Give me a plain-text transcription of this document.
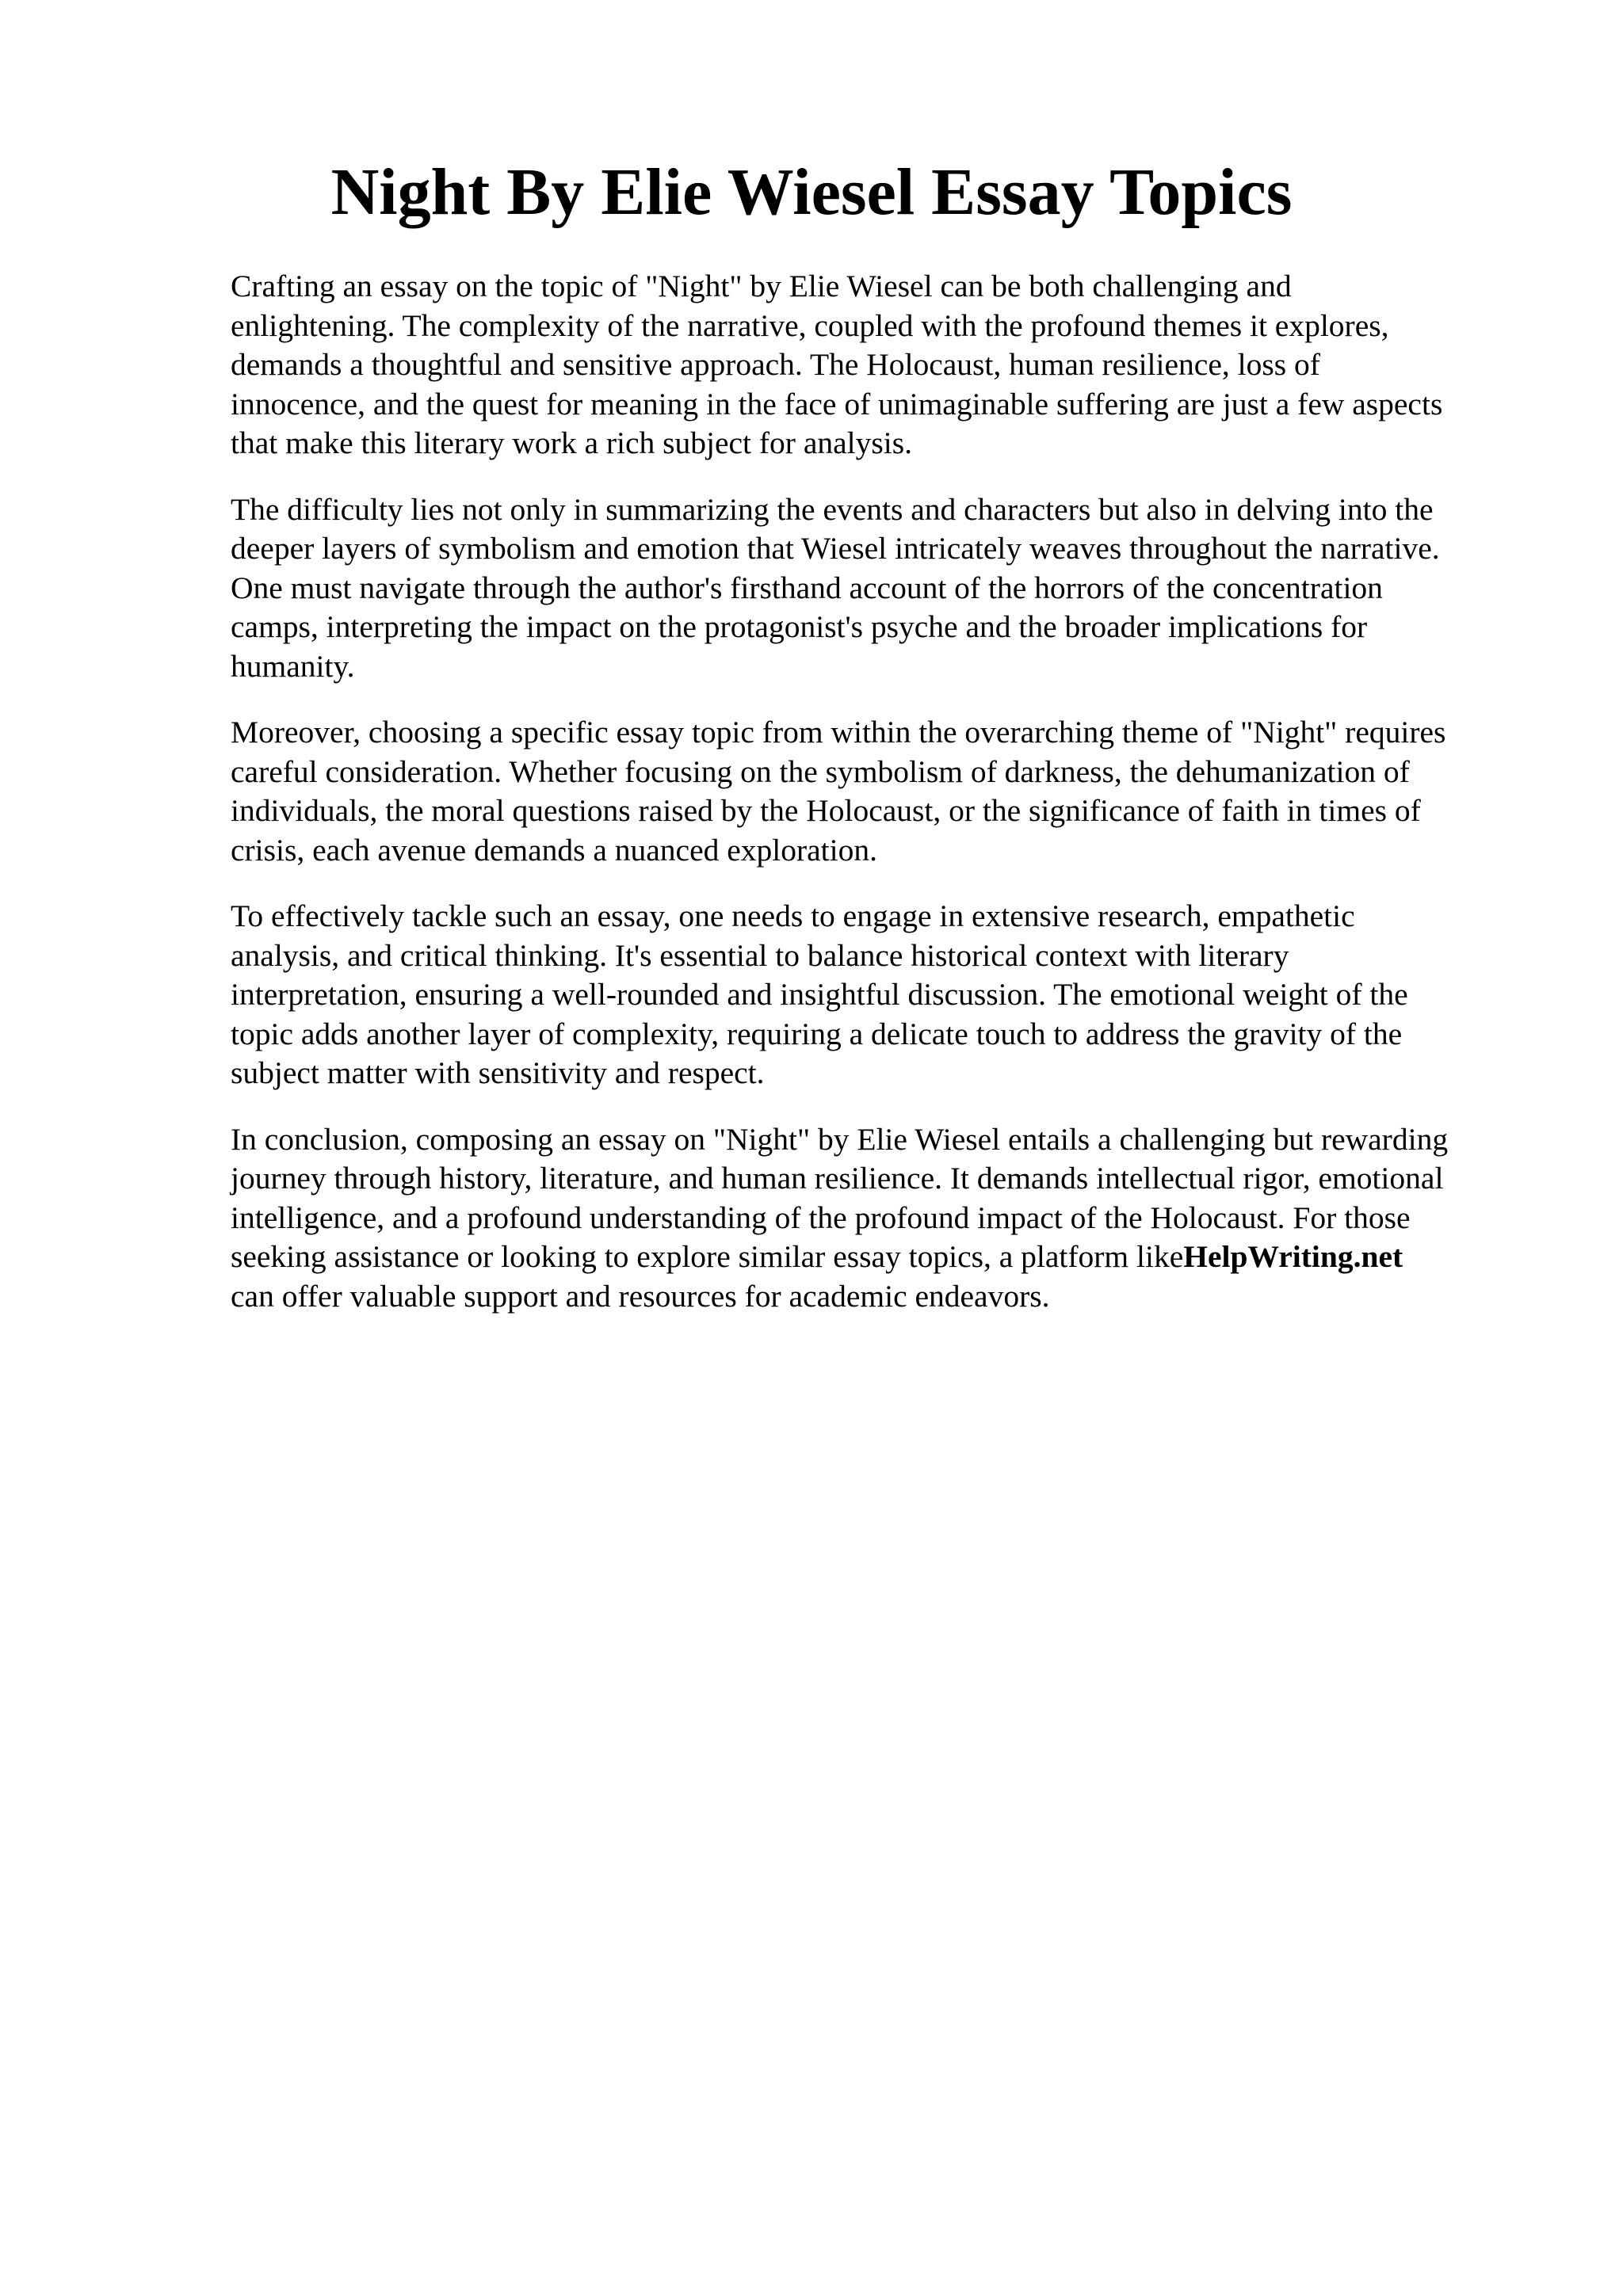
Night By Elie Wiesel Essay Topics

Crafting an essay on the topic of "Night" by Elie Wiesel can be both challenging and
enlightening. The complexity of the narrative, coupled with the profound themes it explores,
demands a thoughtful and sensitive approach. The Holocaust, human resilience, loss of
innocence, and the quest for meaning in the face of unimaginable suffering are just a few aspects
that make this literary work a rich subject for analysis.

The difficulty lies not only in summarizing the events and characters but also in delving into the
deeper layers of symbolism and emotion that Wiesel intricately weaves throughout the narrative.
One must navigate through the author's firsthand account of the horrors of the concentration
camps, interpreting the impact on the protagonist's psyche and the broader implications for
humanity.

Moreover, choosing a specific essay topic from within the overarching theme of "Night" requires
careful consideration. Whether focusing on the symbolism of darkness, the dehumanization of
individuals, the moral questions raised by the Holocaust, or the significance of faith in times of
crisis, each avenue demands a nuanced exploration.

To effectively tackle such an essay, one needs to engage in extensive research, empathetic
analysis, and critical thinking. It's essential to balance historical context with literary
interpretation, ensuring a well-rounded and insightful discussion. The emotional weight of the
topic adds another layer of complexity, requiring a delicate touch to address the gravity of the
subject matter with sensitivity and respect.

In conclusion, composing an essay on "Night" by Elie Wiesel entails a challenging but rewarding
journey through history, literature, and human resilience. It demands intellectual rigor, emotional
intelligence, and a profound understanding of the profound impact of the Holocaust. For those
seeking assistance or looking to explore similar essay topics, a platform likeHelpWriting.net
can offer valuable support and resources for academic endeavors.
